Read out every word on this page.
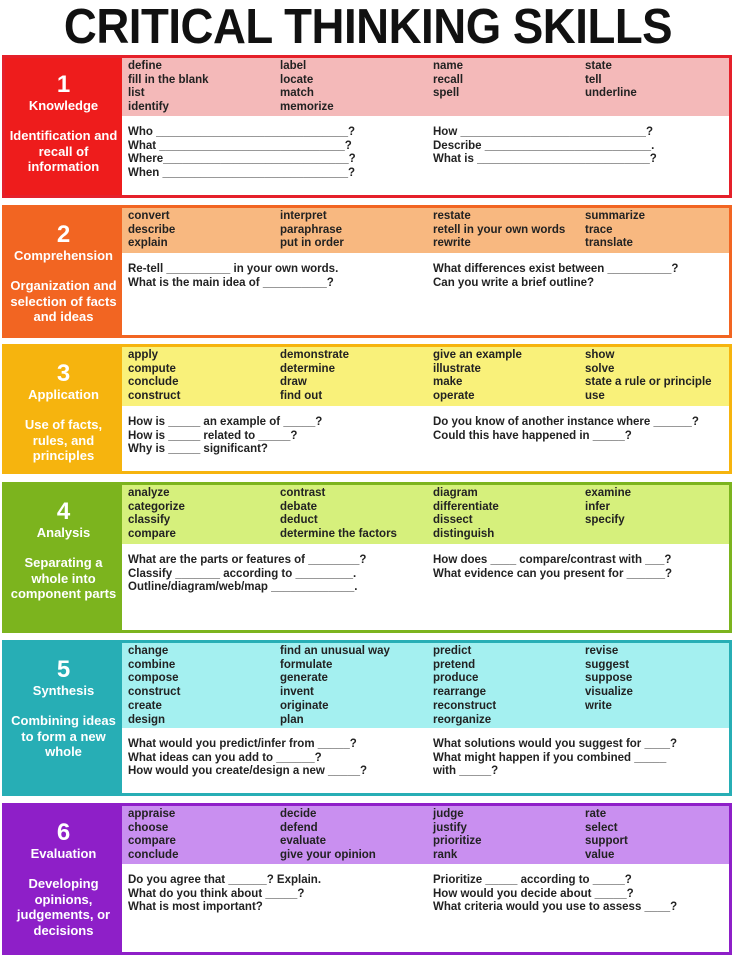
CRITICAL THINKING SKILLS
1
Knowledge
Identification and recall of information
define
fill in the blank
list
identify
label
locate
match
memorize
name
recall
spell
state
tell
underline
Who ______________________________?
What _____________________________?
Where_____________________________?
When _____________________________?
How _____________________________?
Describe __________________________.
What is ___________________________?
2
Comprehension
Organization and selection of facts and ideas
convert
describe
explain
interpret
paraphrase
put in order
restate
retell in your own words
rewrite
summarize
trace
translate
Re-tell __________ in your own words.
What is the main idea of __________?
What differences exist between __________?
Can you write a brief outline?
3
Application
Use of facts, rules, and principles
apply
compute
conclude
construct
demonstrate
determine
draw
find out
give an example
illustrate
make
operate
show
solve
state a rule or principle
use
How is _____ an example of _____?
How is _____ related to _____?
Why is _____ significant?
Do you know of another instance where ______?
Could this have happened in _____?
4
Analysis
Separating a whole into component parts
analyze
categorize
classify
compare
contrast
debate
deduct
determine the factors
diagram
differentiate
dissect
distinguish
examine
infer
specify
What are the parts or features of ________?
Classify _______ according to _________.
Outline/diagram/web/map _____________.
How does ____ compare/contrast with ___?
What evidence can you present for ______?
5
Synthesis
Combining ideas to form a new whole
change
combine
compose
construct
create
design
find an unusual way
formulate
generate
invent
originate
plan
predict
pretend
produce
rearrange
reconstruct
reorganize
revise
suggest
suppose
visualize
write
What would you predict/infer from _____?
What ideas can you add to ______?
How would you create/design a new _____?
What solutions would you suggest for ____?
What might happen if you combined _____
with _____?
6
Evaluation
Developing opinions, judgements, or decisions
appraise
choose
compare
conclude
decide
defend
evaluate
give your opinion
judge
justify
prioritize
rank
rate
select
support
value
Do you agree that ______? Explain.
What do you think about _____?
What is most important?
Prioritize _____ according to _____?
How would you decide about _____?
What criteria would you use to assess ____?
